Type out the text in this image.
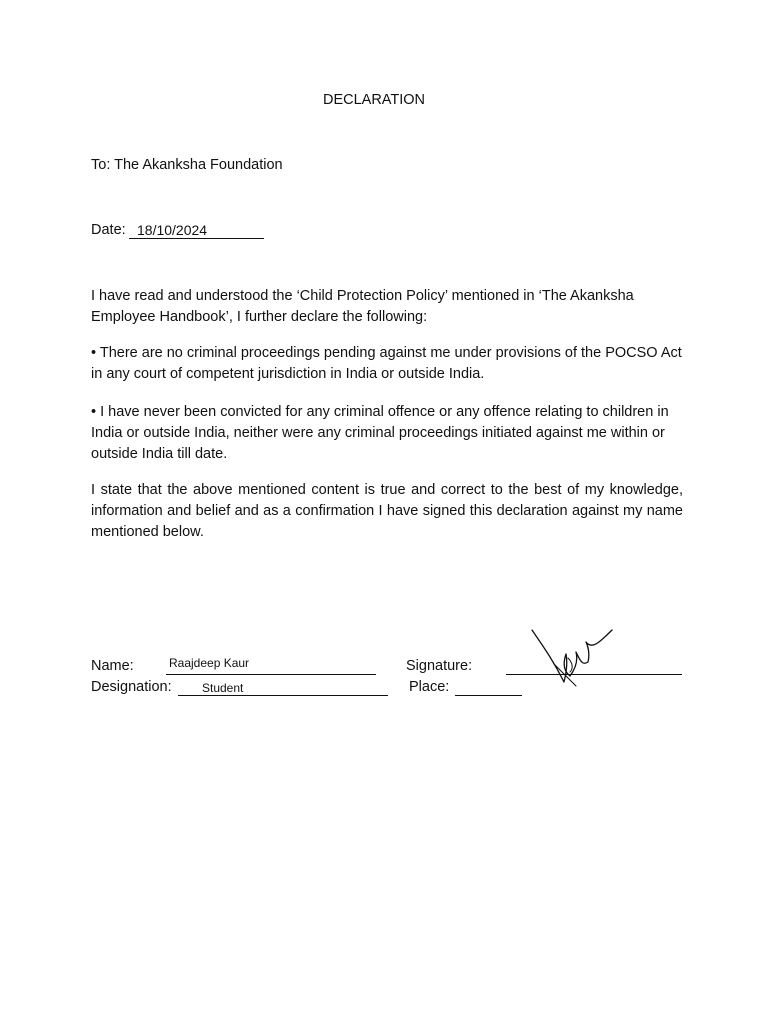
DECLARATION
To: The Akanksha Foundation
Date: 18/10/2024
I have read and understood the ‘Child Protection Policy’ mentioned in ‘The Akanksha Employee Handbook’, I further declare the following:
• There are no criminal proceedings pending against me under provisions of the POCSO Act in any court of competent jurisdiction in India or outside India.
• I have never been convicted for any criminal offence or any offence relating to children in India or outside India, neither were any criminal proceedings initiated against me within or outside India till date.
I state that the above mentioned content is true and correct to the best of my knowledge, information and belief and as a confirmation I have signed this declaration against my name mentioned below.
Name:	Raajdeep Kaur
Designation:	Student
Signature:
Place:
